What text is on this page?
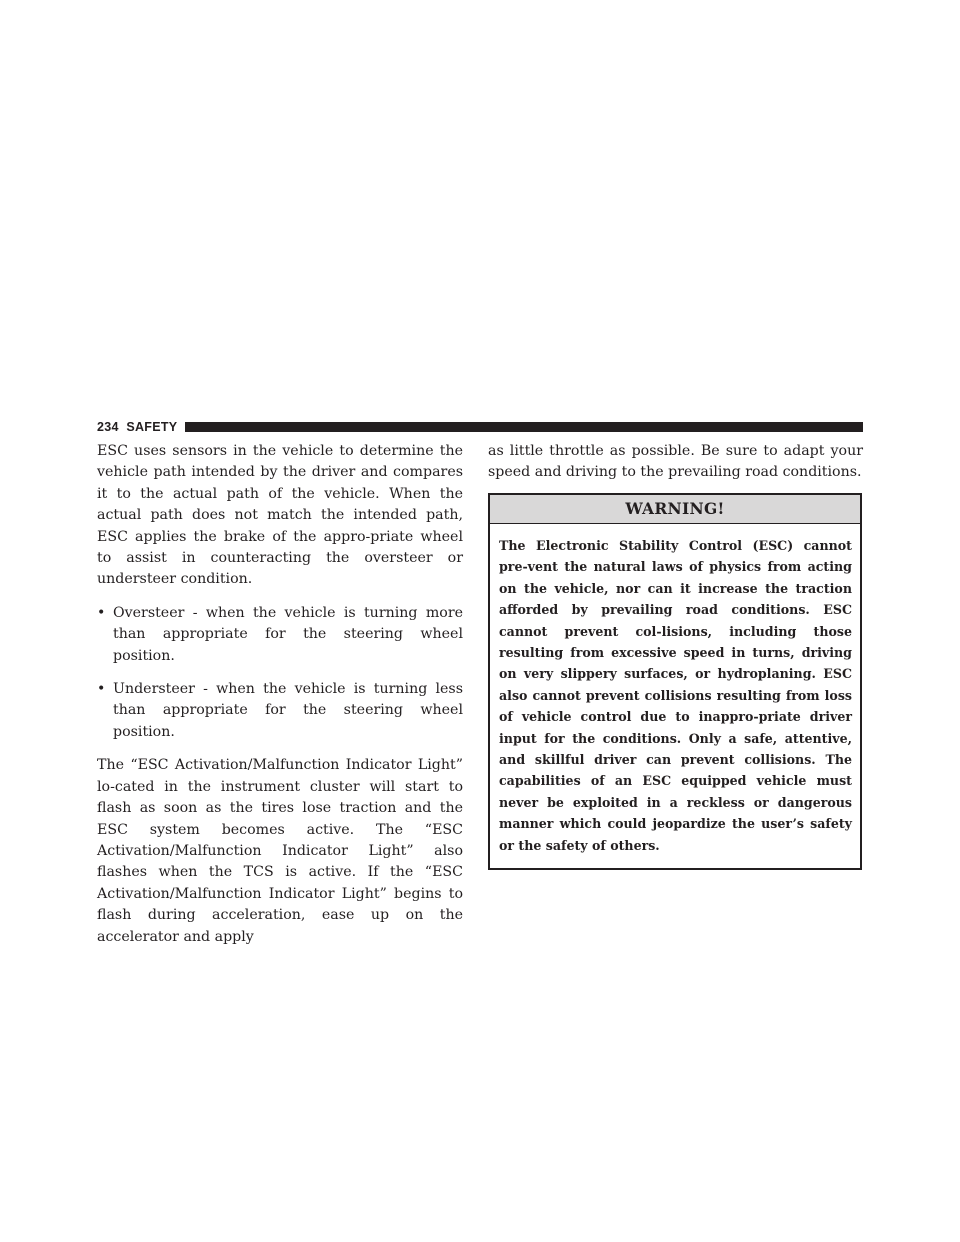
234 SAFETY

ESC uses sensors in the vehicle to determine the vehicle path intended by the driver and compares it to the actual path of the vehicle. When the actual path does not match the intended path, ESC applies the brake of the appro-priate wheel to assist in counteracting the oversteer or understeer condition.

• Oversteer - when the vehicle is turning more than appropriate for the steering wheel position.
• Understeer - when the vehicle is turning less than appropriate for the steering wheel position.

The “ESC Activation/Malfunction Indicator Light” lo-cated in the instrument cluster will start to flash as soon as the tires lose traction and the ESC system becomes active. The “ESC Activation/Malfunction Indicator Light” also flashes when the TCS is active. If the “ESC Activation/Malfunction Indicator Light” begins to flash during acceleration, ease up on the accelerator and apply

as little throttle as possible. Be sure to adapt your speed and driving to the prevailing road conditions.

WARNING!
The Electronic Stability Control (ESC) cannot pre-vent the natural laws of physics from acting on the vehicle, nor can it increase the traction afforded by prevailing road conditions. ESC cannot prevent col-lisions, including those resulting from excessive speed in turns, driving on very slippery surfaces, or hydroplaning. ESC also cannot prevent collisions resulting from loss of vehicle control due to inappro-priate driver input for the conditions. Only a safe, attentive, and skillful driver can prevent collisions. The capabilities of an ESC equipped vehicle must never be exploited in a reckless or dangerous manner which could jeopardize the user’s safety or the safety of others.
